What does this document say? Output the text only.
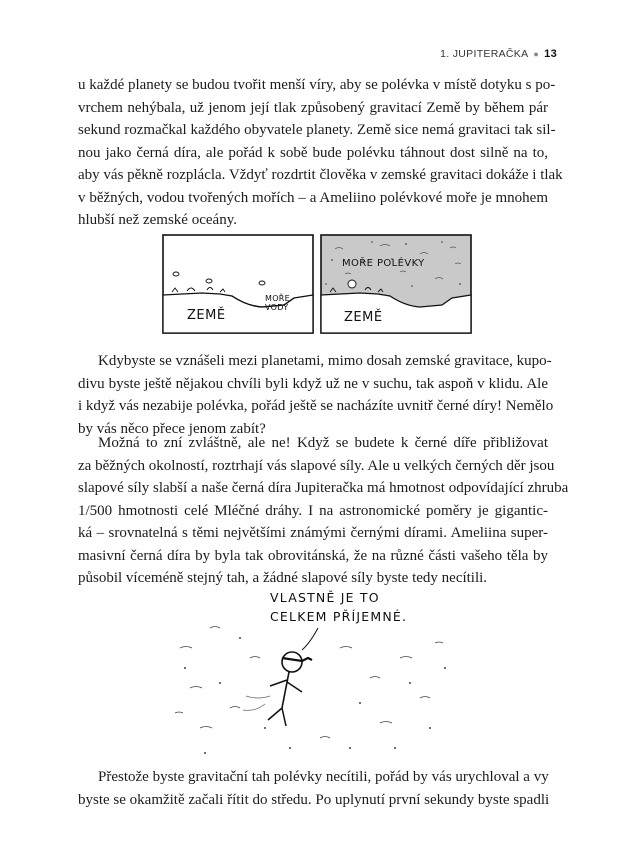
1. JUPITERAČKA ● 13

u každé planety se budou tvořit menší víry, aby se polévka v místě dotyku s po-
vrchem nehýbala, už jenom její tlak způsobený gravitací Země by během pár
sekund rozmačkal každého obyvatele planety. Země sice nemá gravitaci tak sil-
nou jako černá díra, ale pořád k sobě bude polévku táhnout dost silně na to,
aby vás pěkně rozplácla. Vždyť rozdrtit člověka v zemské gravitaci dokáže i tlak
v běžných, vodou tvořených mořích – a Ameliino polévkové moře je mnohem
hlubší než zemské oceány.

ZEMĚ
MOŘE VODY
ZEMĚ
MOŘE POLÉVKY

Kdybyste se vznášeli mezi planetami, mimo dosah zemské gravitace, kupo-
divu byste ještě nějakou chvíli byli když už ne v suchu, tak aspoň v klidu. Ale
i když vás nezabije polévka, pořád ještě se nacházíte uvnitř černé díry! Nemělo
by vás něco přece jenom zabít?

Možná to zní zvláštně, ale ne! Když se budete k černé díře přibližovat
za běžných okolností, roztrhají vás slapové síly. Ale u velkých černých děr jsou
slapové síly slabší a naše černá díra Jupiteračka má hmotnost odpovídající zhruba
1/500 hmotnosti celé Mléčné dráhy. I na astronomické poměry je gigantic-
ká – srovnatelná s těmi největšími známými černými dírami. Ameliina super-
masivní černá díra by byla tak obrovitánská, že na různé části vašeho těla by
působil víceméně stejný tah, a žádné slapové síly byste tedy necítili.

VLASTNĚ JE TO
CELKEM PŘÍJEMNÉ.

Přestože byste gravitační tah polévky necítili, pořád by vás urychloval a vy
byste se okamžitě začali řítit do středu. Po uplynutí první sekundy byste spadli
